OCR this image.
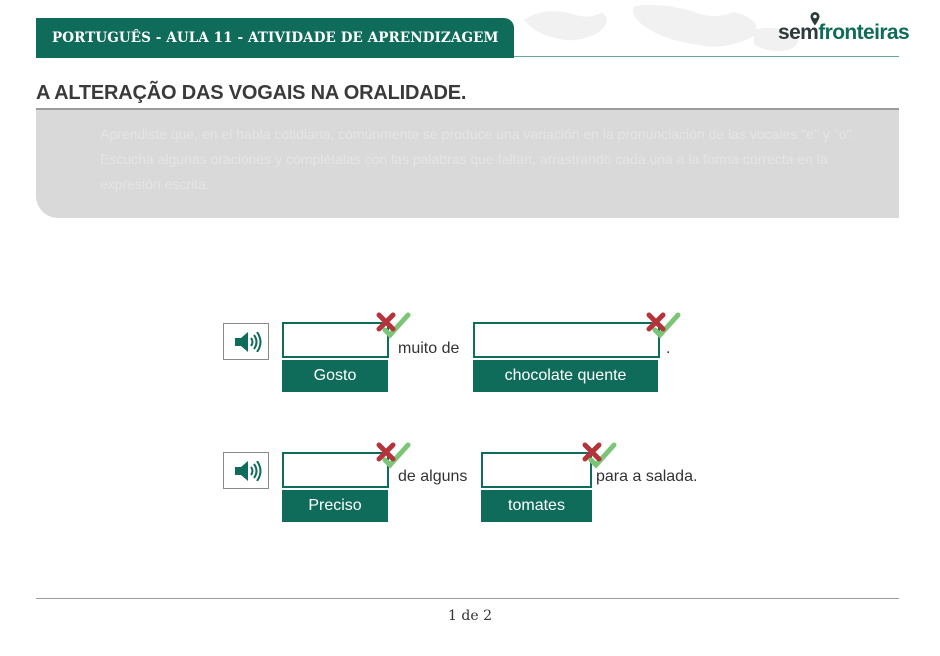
PORTUGUÊS - AULA 11 - ATIVIDADE DE APRENDIZAGEM	semfronteiras
A ALTERAÇÃO DAS VOGAIS NA ORALIDADE.

Aprendiste que, en el habla cotidiana, comúnmente se produce una variación en la pronunciación de las vocales "e" y "o". Escucha algunas oraciones y complétalas con las palabras que faltan, arrastrando cada una a la forma correcta en la expresión escrita.

Gosto
muito de
chocolate quente
.
Preciso
de alguns
tomates
para a salada.
1 de 2
